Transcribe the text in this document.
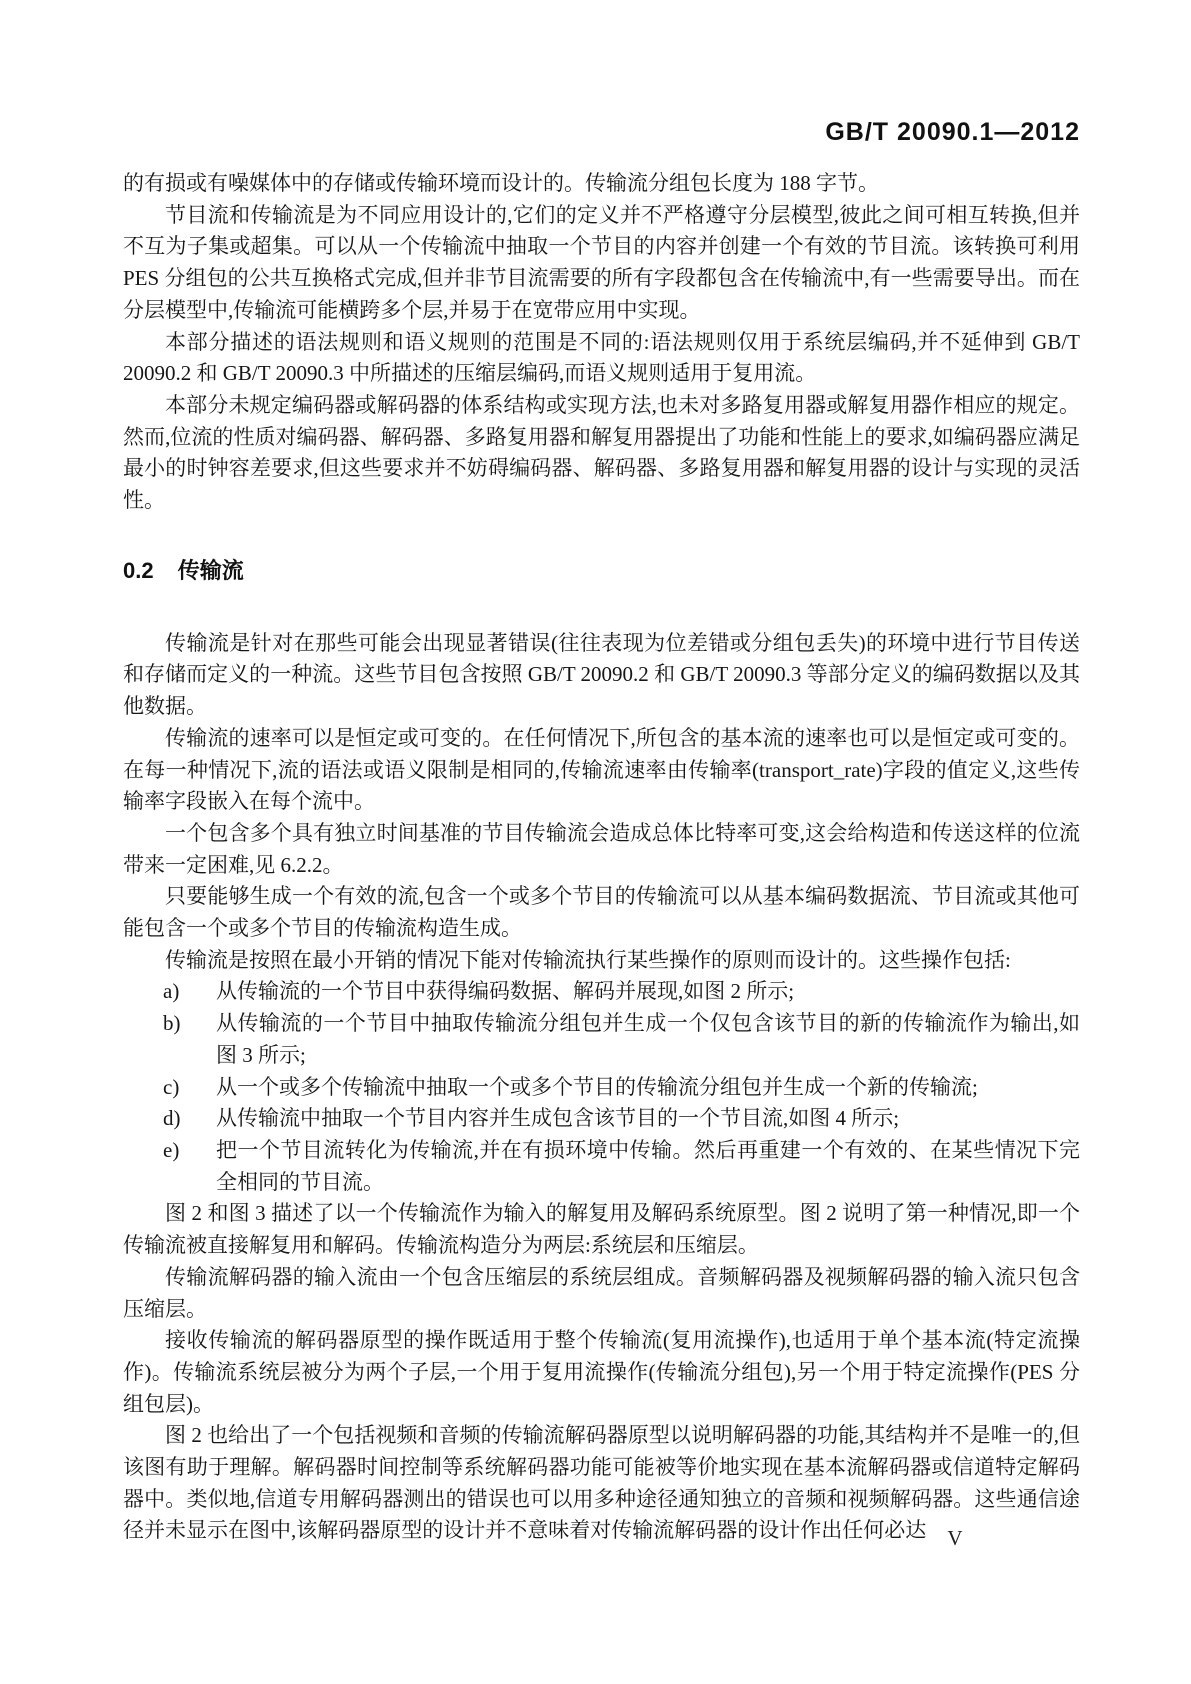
GB/T 20090.1—2012

的有损或有噪媒体中的存储或传输环境而设计的。传输流分组包长度为 188 字节。

节目流和传输流是为不同应用设计的,它们的定义并不严格遵守分层模型,彼此之间可相互转换,但并不互为子集或超集。可以从一个传输流中抽取一个节目的内容并创建一个有效的节目流。该转换可利用 PES 分组包的公共互换格式完成,但并非节目流需要的所有字段都包含在传输流中,有一些需要导出。而在分层模型中,传输流可能横跨多个层,并易于在宽带应用中实现。

本部分描述的语法规则和语义规则的范围是不同的:语法规则仅用于系统层编码,并不延伸到 GB/T 20090.2 和 GB/T 20090.3 中所描述的压缩层编码,而语义规则适用于复用流。

本部分未规定编码器或解码器的体系结构或实现方法,也未对多路复用器或解复用器作相应的规定。然而,位流的性质对编码器、解码器、多路复用器和解复用器提出了功能和性能上的要求,如编码器应满足最小的时钟容差要求,但这些要求并不妨碍编码器、解码器、多路复用器和解复用器的设计与实现的灵活性。

0.2 传输流

传输流是针对在那些可能会出现显著错误(往往表现为位差错或分组包丢失)的环境中进行节目传送和存储而定义的一种流。这些节目包含按照 GB/T 20090.2 和 GB/T 20090.3 等部分定义的编码数据以及其他数据。

传输流的速率可以是恒定或可变的。在任何情况下,所包含的基本流的速率也可以是恒定或可变的。在每一种情况下,流的语法或语义限制是相同的,传输流速率由传输率(transport_rate)字段的值定义,这些传输率字段嵌入在每个流中。

一个包含多个具有独立时间基准的节目传输流会造成总体比特率可变,这会给构造和传送这样的位流带来一定困难,见 6.2.2。

只要能够生成一个有效的流,包含一个或多个节目的传输流可以从基本编码数据流、节目流或其他可能包含一个或多个节目的传输流构造生成。

传输流是按照在最小开销的情况下能对传输流执行某些操作的原则而设计的。这些操作包括:

a)	从传输流的一个节目中获得编码数据、解码并展现,如图 2 所示;
b)	从传输流的一个节目中抽取传输流分组包并生成一个仅包含该节目的新的传输流作为输出,如图 3 所示;
c)	从一个或多个传输流中抽取一个或多个节目的传输流分组包并生成一个新的传输流;
d)	从传输流中抽取一个节目内容并生成包含该节目的一个节目流,如图 4 所示;
e)	把一个节目流转化为传输流,并在有损环境中传输。然后再重建一个有效的、在某些情况下完全相同的节目流。

图 2 和图 3 描述了以一个传输流作为输入的解复用及解码系统原型。图 2 说明了第一种情况,即一个传输流被直接解复用和解码。传输流构造分为两层:系统层和压缩层。

传输流解码器的输入流由一个包含压缩层的系统层组成。音频解码器及视频解码器的输入流只包含压缩层。

接收传输流的解码器原型的操作既适用于整个传输流(复用流操作),也适用于单个基本流(特定流操作)。传输流系统层被分为两个子层,一个用于复用流操作(传输流分组包),另一个用于特定流操作(PES 分组包层)。

图 2 也给出了一个包括视频和音频的传输流解码器原型以说明解码器的功能,其结构并不是唯一的,但该图有助于理解。解码器时间控制等系统解码器功能可能被等价地实现在基本流解码器或信道特定解码器中。类似地,信道专用解码器测出的错误也可以用多种途径通知独立的音频和视频解码器。这些通信途径并未显示在图中,该解码器原型的设计并不意味着对传输流解码器的设计作出任何必达	V
